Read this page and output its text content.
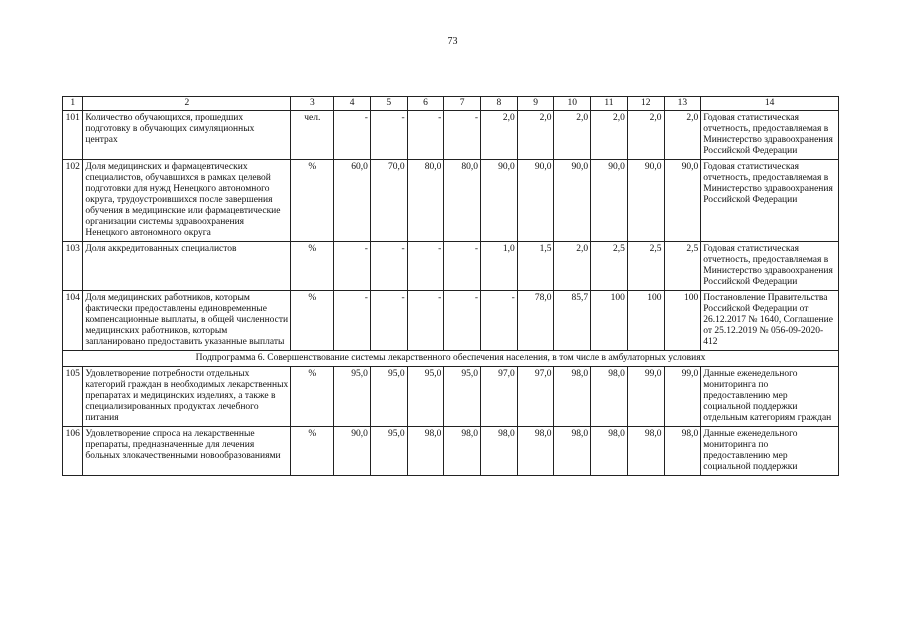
73
1	2	3	4	5	6	7	8	9	10	11	12	13	14
101	Количество обучающихся, прошедших подготовку в обучающих симуляционных центрах	чел.	-	-	-	-	2,0	2,0	2,0	2,0	2,0	2,0	Годовая статистическая отчетность, предоставляемая в Министерство здравоохранения Российской Федерации
102	Доля медицинских и фармацевтических специалистов, обучавшихся в рамках целевой подготовки для нужд Ненецкого автономного округа, трудоустроившихся после завершения обучения в медицинские или фармацевтические организации системы здравоохранения Ненецкого автономного округа	%	60,0	70,0	80,0	80,0	90,0	90,0	90,0	90,0	90,0	90,0	Годовая статистическая отчетность, предоставляемая в Министерство здравоохранения Российской Федерации
103	Доля аккредитованных специалистов	%	-	-	-	-	1,0	1,5	2,0	2,5	2,5	2,5	Годовая статистическая отчетность, предоставляемая в Министерство здравоохранения Российской Федерации
104	Доля медицинских работников, которым фактически предоставлены единовременные компенсационные выплаты, в общей численности медицинских работников, которым запланировано предоставить указанные выплаты	%	-	-	-	-	-	78,0	85,7	100	100	100	Постановление Правительства Российской Федерации от 26.12.2017 № 1640, Соглашение от 25.12.2019 № 056-09-2020-412
Подпрограмма 6. Совершенствование системы лекарственного обеспечения населения, в том числе в амбулаторных условиях													
105	Удовлетворение потребности отдельных категорий граждан в необходимых лекарственных препаратах и медицинских изделиях, а также в специализированных продуктах лечебного питания	%	95,0	95,0	95,0	95,0	97,0	97,0	98,0	98,0	99,0	99,0	Данные еженедельного мониторинга по предоставлению мер социальной поддержки отдельным категориям граждан
106	Удовлетворение спроса на лекарственные препараты, предназначенные для лечения больных злокачественными новообразованиями	%	90,0	95,0	98,0	98,0	98,0	98,0	98,0	98,0	98,0	98,0	Данные еженедельного мониторинга по предоставлению мер социальной поддержки
